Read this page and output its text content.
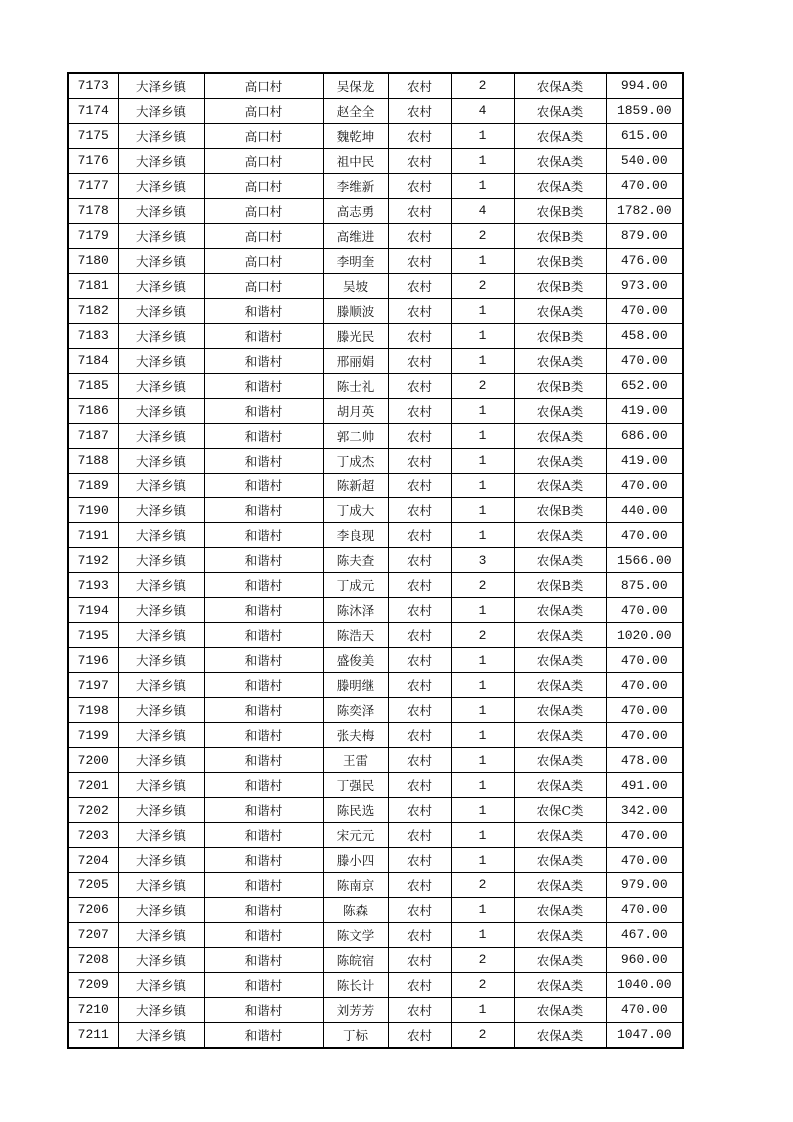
7173	大泽乡镇	高口村	吴保龙	农村	2	农保A类	994.00
7174	大泽乡镇	高口村	赵全全	农村	4	农保A类	1859.00
7175	大泽乡镇	高口村	魏乾坤	农村	1	农保A类	615.00
7176	大泽乡镇	高口村	祖中民	农村	1	农保A类	540.00
7177	大泽乡镇	高口村	李维新	农村	1	农保A类	470.00
7178	大泽乡镇	高口村	高志勇	农村	4	农保B类	1782.00
7179	大泽乡镇	高口村	高维进	农村	2	农保B类	879.00
7180	大泽乡镇	高口村	李明奎	农村	1	农保B类	476.00
7181	大泽乡镇	高口村	吴坡	农村	2	农保B类	973.00
7182	大泽乡镇	和谐村	滕顺波	农村	1	农保A类	470.00
7183	大泽乡镇	和谐村	滕光民	农村	1	农保B类	458.00
7184	大泽乡镇	和谐村	邢丽娟	农村	1	农保A类	470.00
7185	大泽乡镇	和谐村	陈士礼	农村	2	农保B类	652.00
7186	大泽乡镇	和谐村	胡月英	农村	1	农保A类	419.00
7187	大泽乡镇	和谐村	郭二帅	农村	1	农保A类	686.00
7188	大泽乡镇	和谐村	丁成杰	农村	1	农保A类	419.00
7189	大泽乡镇	和谐村	陈新超	农村	1	农保A类	470.00
7190	大泽乡镇	和谐村	丁成大	农村	1	农保B类	440.00
7191	大泽乡镇	和谐村	李良现	农村	1	农保A类	470.00
7192	大泽乡镇	和谐村	陈夫查	农村	3	农保A类	1566.00
7193	大泽乡镇	和谐村	丁成元	农村	2	农保B类	875.00
7194	大泽乡镇	和谐村	陈沐泽	农村	1	农保A类	470.00
7195	大泽乡镇	和谐村	陈浩天	农村	2	农保A类	1020.00
7196	大泽乡镇	和谐村	盛俊美	农村	1	农保A类	470.00
7197	大泽乡镇	和谐村	滕明继	农村	1	农保A类	470.00
7198	大泽乡镇	和谐村	陈奕泽	农村	1	农保A类	470.00
7199	大泽乡镇	和谐村	张夫梅	农村	1	农保A类	470.00
7200	大泽乡镇	和谐村	王雷	农村	1	农保A类	478.00
7201	大泽乡镇	和谐村	丁强民	农村	1	农保A类	491.00
7202	大泽乡镇	和谐村	陈民选	农村	1	农保C类	342.00
7203	大泽乡镇	和谐村	宋元元	农村	1	农保A类	470.00
7204	大泽乡镇	和谐村	滕小四	农村	1	农保A类	470.00
7205	大泽乡镇	和谐村	陈南京	农村	2	农保A类	979.00
7206	大泽乡镇	和谐村	陈森	农村	1	农保A类	470.00
7207	大泽乡镇	和谐村	陈文学	农村	1	农保A类	467.00
7208	大泽乡镇	和谐村	陈皖宿	农村	2	农保A类	960.00
7209	大泽乡镇	和谐村	陈长计	农村	2	农保A类	1040.00
7210	大泽乡镇	和谐村	刘芳芳	农村	1	农保A类	470.00
7211	大泽乡镇	和谐村	丁标	农村	2	农保A类	1047.00
